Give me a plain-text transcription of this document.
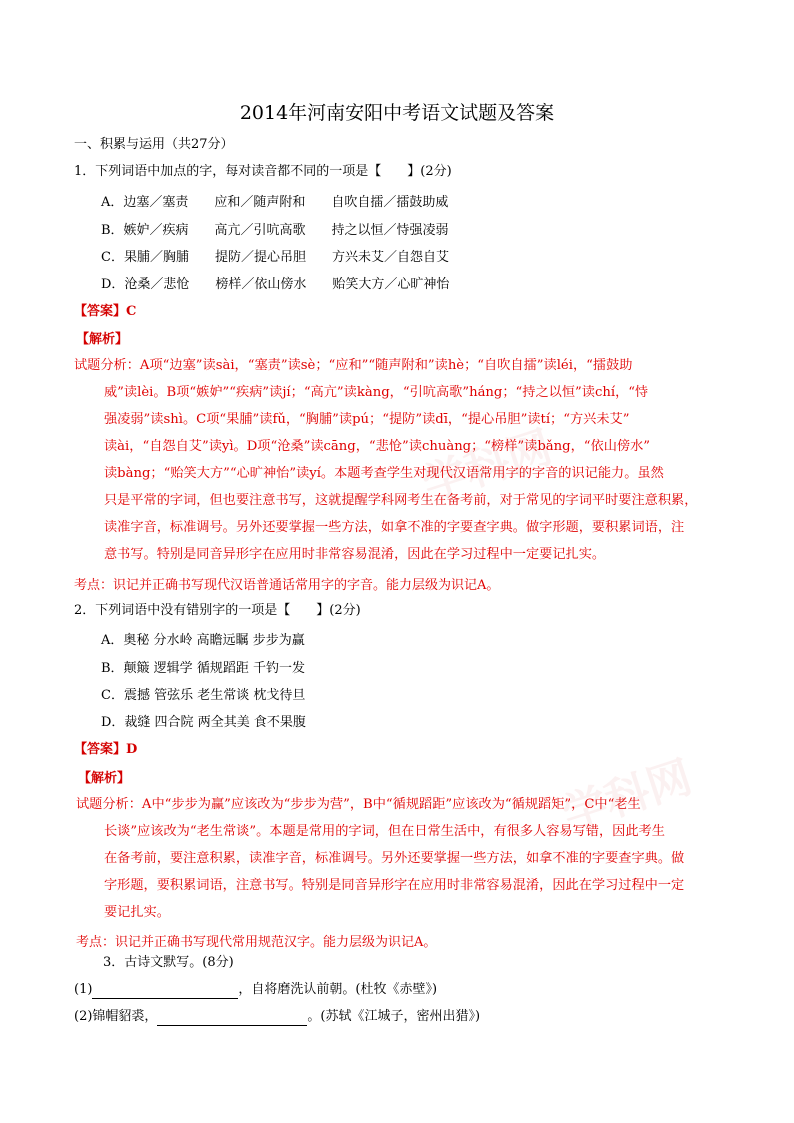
2014年河南安阳中考语文试题及答案
一、积累与运用（共27分）
1．下列词语中加点的字，每对读音都不同的一项是【　　】(2分)
A．边塞／塞责　　应和／随声附和　　自吹自擂／擂鼓助威
B．嫉妒／疾病　　高亢／引吭高歌　　持之以恒／恃强凌弱
C．果脯／胸脯　　提防／提心吊胆　　方兴未艾／自怨自艾
D．沧桑／悲怆　　榜样／依山傍水　　贻笑大方／心旷神怡
【答案】C
【解析】
试题分析：A项“边塞”读sài，“塞责”读sè；“应和”“随声附和”读hè；“自吹自擂”读léi，“擂鼓助
威”读lèi。B项“嫉妒”“疾病”读jí；“高亢”读kàng，“引吭高歌”háng；“持之以恒”读chí，“恃
强凌弱”读shì。C项“果脯”读fǔ，“胸脯”读pú；“提防”读dī，“提心吊胆”读tí；“方兴未艾”
读ài，“自怨自艾”读yì。D项“沧桑”读cāng，“悲怆”读chuàng；“榜样”读bǎng，“依山傍水”
读bàng；“贻笑大方”“心旷神怡”读yí。本题考查学生对现代汉语常用字的字音的识记能力。虽然
只是平常的字词，但也要注意书写，这就提醒学科网考生在备考前，对于常见的字词平时要注意积累，
读准字音，标准调号。另外还要掌握一些方法，如拿不准的字要查字典。做字形题，要积累词语，注
意书写。特别是同音异形字在应用时非常容易混淆，因此在学习过程中一定要记扎实。
考点：识记并正确书写现代汉语普通话常用字的字音。能力层级为识记A。
2．下列词语中没有错别字的一项是【　　】(2分)
A．奥秘 分水岭 高瞻远瞩 步步为赢
B．颠簸 逻辑学 循规蹈距 千钓一发
C．震撼 管弦乐 老生常谈 枕戈待旦
D．裁缝 四合院 两全其美 食不果腹
【答案】D
【解析】
试题分析：A中“步步为赢”应该改为“步步为营”，B中“循规蹈距”应该改为“循规蹈矩”，C中“老生
长谈”应该改为“老生常谈”。本题是常用的字词，但在日常生活中，有很多人容易写错，因此考生
在备考前，要注意积累，读准字音，标准调号。另外还要掌握一些方法，如拿不准的字要查字典。做
字形题，要积累词语，注意书写。特别是同音异形字在应用时非常容易混淆，因此在学习过程中一定
要记扎实。
考点：识记并正确书写现代常用规范汉字。能力层级为识记A。
3．古诗文默写。(8分)
(1)	，自将磨洗认前朝。(杜牧《赤壁》)
(2)锦帽貂裘，	。(苏轼《江城子，密州出猎》)
学科网
学科网
